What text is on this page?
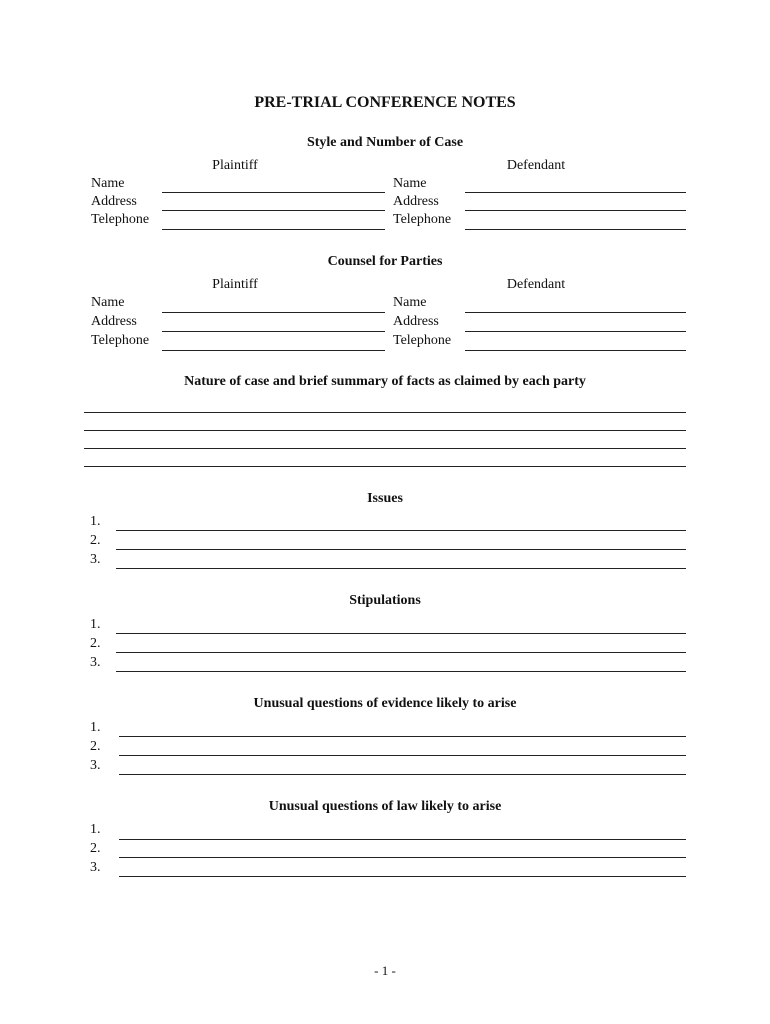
PRE-TRIAL CONFERENCE NOTES
Style and Number of Case
Plaintiff	Defendant
Name
Address
Telephone
Name
Address
Telephone
Counsel for Parties
Plaintiff	Defendant
Name
Address
Telephone
Name
Address
Telephone
Nature of case and brief summary of facts as claimed by each party
Issues
1.
2.
3.
Stipulations
1.
2.
3.
Unusual questions of evidence likely to arise
1.
2.
3.
Unusual questions of law likely to arise
1.
2.
3.
- 1 -
